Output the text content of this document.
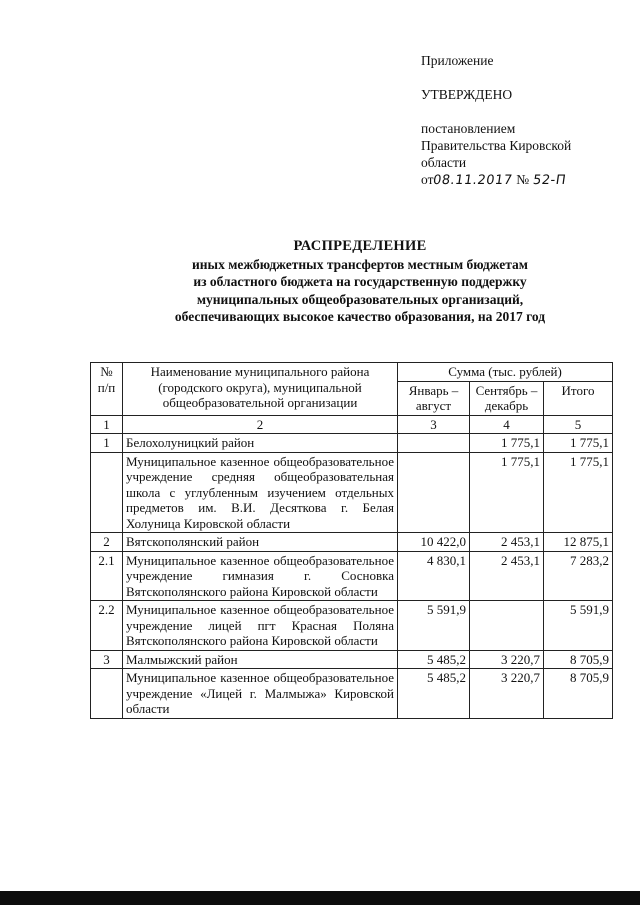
Приложение
УТВЕРЖДЕНО
постановлением
Правительства Кировской
области
от08.11.2017 № 52-П
РАСПРЕДЕЛЕНИЕ
иных межбюджетных трансфертов местным бюджетам
из областного бюджета на государственную поддержку
муниципальных общеобразовательных организаций,
обеспечивающих высокое качество образования, на 2017 год
№ п/п	Наименование муниципального района (городского округа), муниципальной общеобразовательной организации	Сумма (тыс. рублей)		
		Январь – август	Сентябрь – декабрь	Итого
1	2	3	4	5
1	Белохолуницкий район		1 775,1	1 775,1
	Муниципальное казенное общеобразовательное учреждение средняя общеобразовательная школа с углубленным изучением отдельных предметов им. В.И. Десяткова г. Белая Холуница Кировской области		1 775,1	1 775,1
2	Вятскополянский район	10 422,0	2 453,1	12 875,1
2.1	Муниципальное казенное общеобразовательное учреждение гимназия г. Сосновка Вятскополянского района Кировской области	4 830,1	2 453,1	7 283,2
2.2	Муниципальное казенное общеобразовательное учреждение лицей пгт Красная Поляна Вятскополянского района Кировской области	5 591,9		5 591,9
3	Малмыжский район	5 485,2	3 220,7	8 705,9
	Муниципальное казенное общеобразовательное учреждение «Лицей г. Малмыжа» Кировской области	5 485,2	3 220,7	8 705,9
